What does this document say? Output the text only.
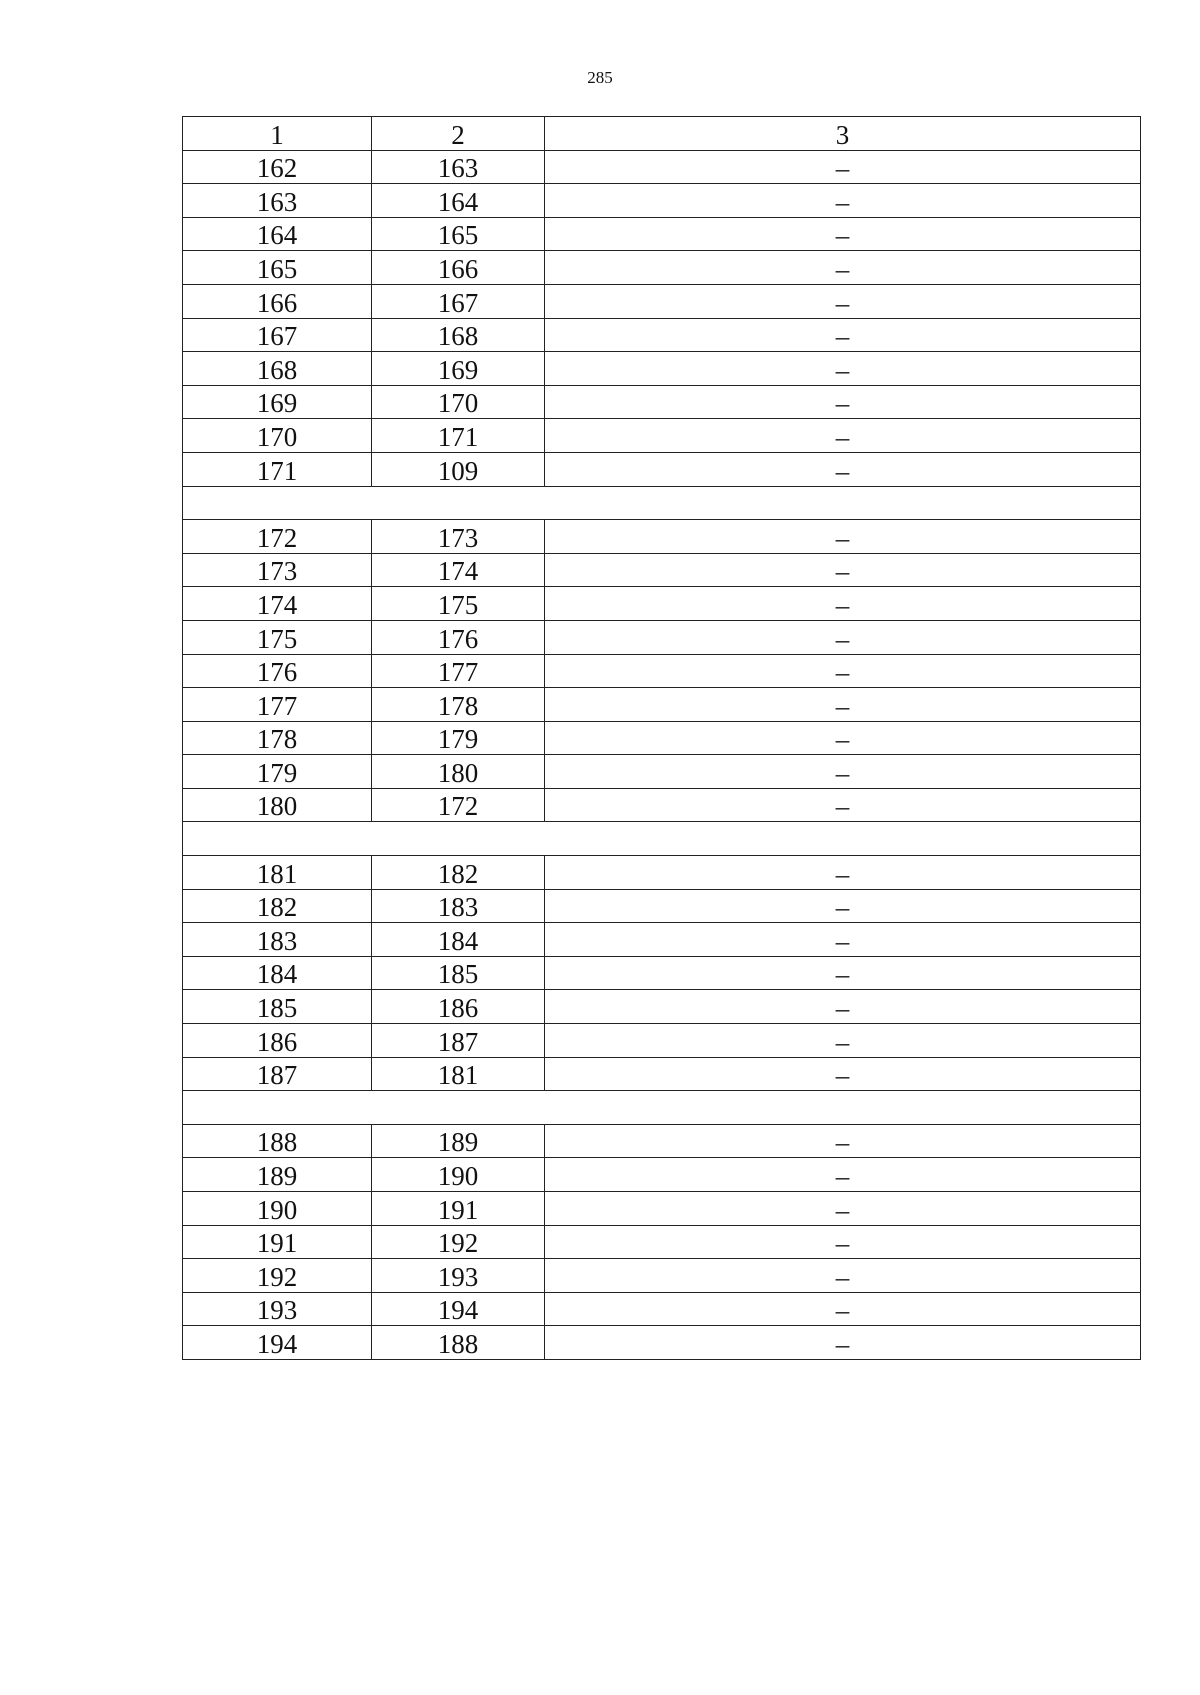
285
1	2	3
162	163	–
163	164	–
164	165	–
165	166	–
166	167	–
167	168	–
168	169	–
169	170	–
170	171	–
171	109	–

172	173	–
173	174	–
174	175	–
175	176	–
176	177	–
177	178	–
178	179	–
179	180	–
180	172	–

181	182	–
182	183	–
183	184	–
184	185	–
185	186	–
186	187	–
187	181	–

188	189	–
189	190	–
190	191	–
191	192	–
192	193	–
193	194	–
194	188	–
